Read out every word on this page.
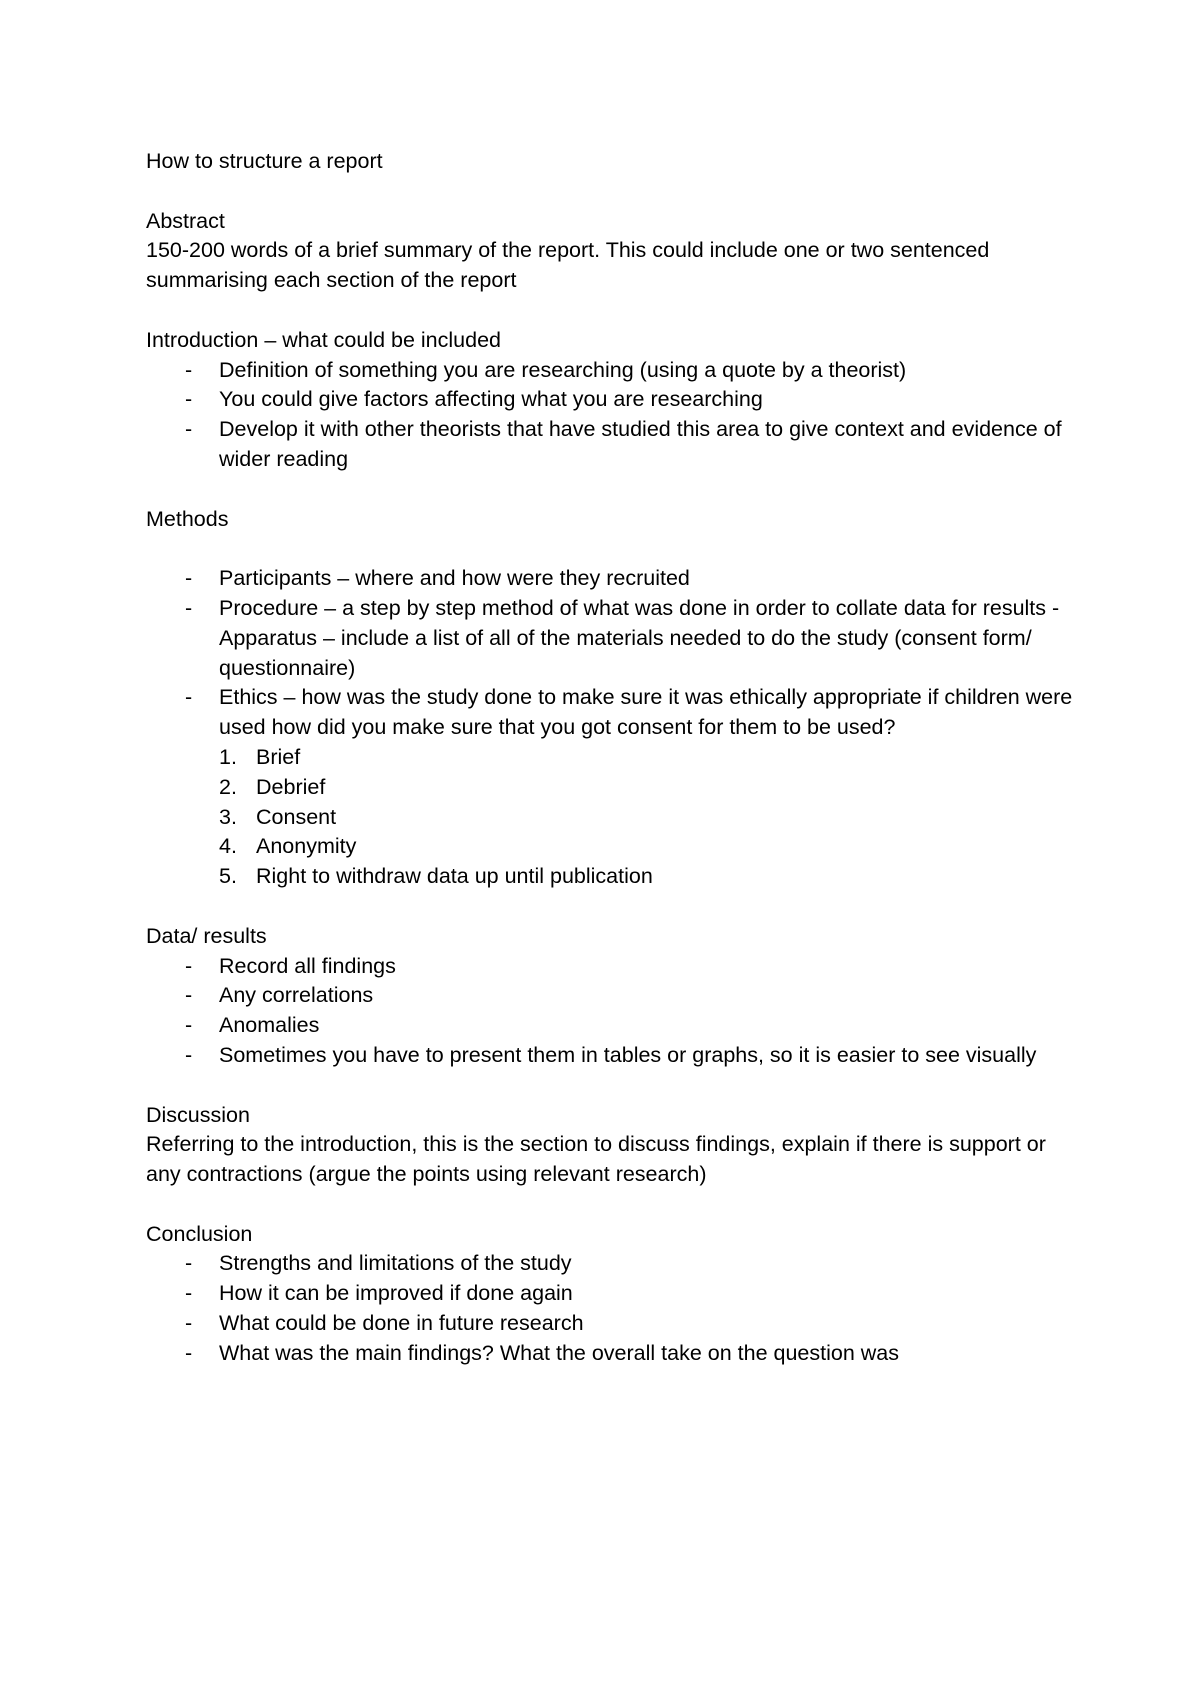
How to structure a report
Abstract
150-200 words of a brief summary of the report. This could include one or two sentenced summarising each section of the report
Introduction – what could be included
- Definition of something you are researching (using a quote by a theorist)
- You could give factors affecting what you are researching
- Develop it with other theorists that have studied this area to give context and evidence of wider reading
Methods
- Participants – where and how were they recruited
- Procedure – a step by step method of what was done in order to collate data for results - Apparatus – include a list of all of the materials needed to do the study (consent form/ questionnaire)
- Ethics – how was the study done to make sure it was ethically appropriate if children were used how did you make sure that you got consent for them to be used?
1. Brief
2. Debrief
3. Consent
4. Anonymity
5. Right to withdraw data up until publication
Data/ results
- Record all findings
- Any correlations
- Anomalies
- Sometimes you have to present them in tables or graphs, so it is easier to see visually
Discussion
Referring to the introduction, this is the section to discuss findings, explain if there is support or any contractions (argue the points using relevant research)
Conclusion
- Strengths and limitations of the study
- How it can be improved if done again
- What could be done in future research
- What was the main findings? What the overall take on the question was
